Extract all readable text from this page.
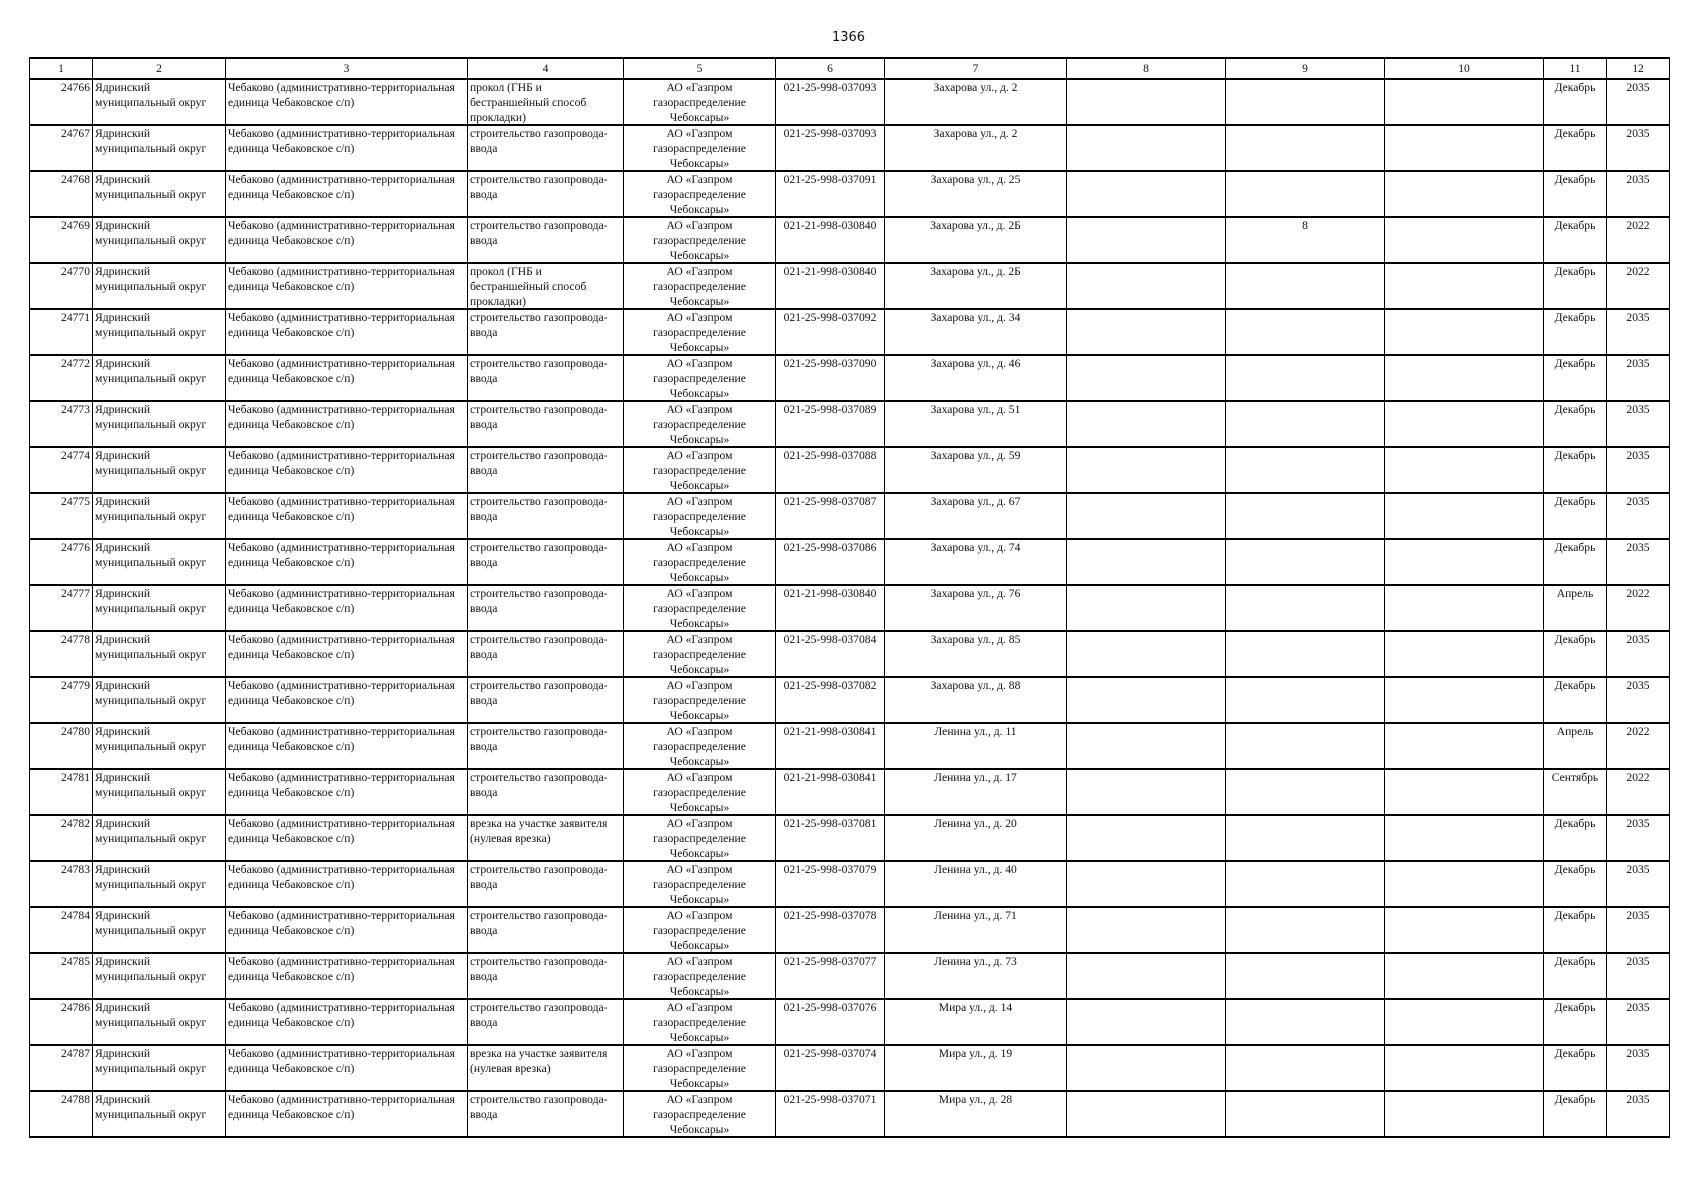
1366
1	2	3	4	5	6	7	8	9	10	11	12

24766	Ядринский муниципальный округ	Чебаково (административно-территориальная единица Чебаковское с/п)	прокол (ГНБ и бестраншейный способ прокладки)	АО «Газпром газораспределение Чебоксары»	021-25-998-037093	Захарова ул., д. 2				Декабрь	2035

24767	Ядринский муниципальный округ	Чебаково (административно-территориальная единица Чебаковское с/п)	строительство газопровода-ввода	АО «Газпром газораспределение Чебоксары»	021-25-998-037093	Захарова ул., д. 2				Декабрь	2035

24768	Ядринский муниципальный округ	Чебаково (административно-территориальная единица Чебаковское с/п)	строительство газопровода-ввода	АО «Газпром газораспределение Чебоксары»	021-25-998-037091	Захарова ул., д. 25				Декабрь	2035

24769	Ядринский муниципальный округ	Чебаково (административно-территориальная единица Чебаковское с/п)	строительство газопровода-ввода	АО «Газпром газораспределение Чебоксары»	021-21-998-030840	Захарова ул., д. 2Б		8		Декабрь	2022

24770	Ядринский муниципальный округ	Чебаково (административно-территориальная единица Чебаковское с/п)	прокол (ГНБ и бестраншейный способ прокладки)	АО «Газпром газораспределение Чебоксары»	021-21-998-030840	Захарова ул., д. 2Б				Декабрь	2022

24771	Ядринский муниципальный округ	Чебаково (административно-территориальная единица Чебаковское с/п)	строительство газопровода-ввода	АО «Газпром газораспределение Чебоксары»	021-25-998-037092	Захарова ул., д. 34				Декабрь	2035

24772	Ядринский муниципальный округ	Чебаково (административно-территориальная единица Чебаковское с/п)	строительство газопровода-ввода	АО «Газпром газораспределение Чебоксары»	021-25-998-037090	Захарова ул., д. 46				Декабрь	2035

24773	Ядринский муниципальный округ	Чебаково (административно-территориальная единица Чебаковское с/п)	строительство газопровода-ввода	АО «Газпром газораспределение Чебоксары»	021-25-998-037089	Захарова ул., д. 51				Декабрь	2035

24774	Ядринский муниципальный округ	Чебаково (административно-территориальная единица Чебаковское с/п)	строительство газопровода-ввода	АО «Газпром газораспределение Чебоксары»	021-25-998-037088	Захарова ул., д. 59				Декабрь	2035

24775	Ядринский муниципальный округ	Чебаково (административно-территориальная единица Чебаковское с/п)	строительство газопровода-ввода	АО «Газпром газораспределение Чебоксары»	021-25-998-037087	Захарова ул., д. 67				Декабрь	2035

24776	Ядринский муниципальный округ	Чебаково (административно-территориальная единица Чебаковское с/п)	строительство газопровода-ввода	АО «Газпром газораспределение Чебоксары»	021-25-998-037086	Захарова ул., д. 74				Декабрь	2035

24777	Ядринский муниципальный округ	Чебаково (административно-территориальная единица Чебаковское с/п)	строительство газопровода-ввода	АО «Газпром газораспределение Чебоксары»	021-21-998-030840	Захарова ул., д. 76				Апрель	2022

24778	Ядринский муниципальный округ	Чебаково (административно-территориальная единица Чебаковское с/п)	строительство газопровода-ввода	АО «Газпром газораспределение Чебоксары»	021-25-998-037084	Захарова ул., д. 85				Декабрь	2035

24779	Ядринский муниципальный округ	Чебаково (административно-территориальная единица Чебаковское с/п)	строительство газопровода-ввода	АО «Газпром газораспределение Чебоксары»	021-25-998-037082	Захарова ул., д. 88				Декабрь	2035

24780	Ядринский муниципальный округ	Чебаково (административно-территориальная единица Чебаковское с/п)	строительство газопровода-ввода	АО «Газпром газораспределение Чебоксары»	021-21-998-030841	Ленина ул., д. 11				Апрель	2022

24781	Ядринский муниципальный округ	Чебаково (административно-территориальная единица Чебаковское с/п)	строительство газопровода-ввода	АО «Газпром газораспределение Чебоксары»	021-21-998-030841	Ленина ул., д. 17				Сентябрь	2022

24782	Ядринский муниципальный округ	Чебаково (административно-территориальная единица Чебаковское с/п)	врезка на участке заявителя (нулевая врезка)	АО «Газпром газораспределение Чебоксары»	021-25-998-037081	Ленина ул., д. 20				Декабрь	2035

24783	Ядринский муниципальный округ	Чебаково (административно-территориальная единица Чебаковское с/п)	строительство газопровода-ввода	АО «Газпром газораспределение Чебоксары»	021-25-998-037079	Ленина ул., д. 40				Декабрь	2035

24784	Ядринский муниципальный округ	Чебаково (административно-территориальная единица Чебаковское с/п)	строительство газопровода-ввода	АО «Газпром газораспределение Чебоксары»	021-25-998-037078	Ленина ул., д. 71				Декабрь	2035

24785	Ядринский муниципальный округ	Чебаково (административно-территориальная единица Чебаковское с/п)	строительство газопровода-ввода	АО «Газпром газораспределение Чебоксары»	021-25-998-037077	Ленина ул., д. 73				Декабрь	2035

24786	Ядринский муниципальный округ	Чебаково (административно-территориальная единица Чебаковское с/п)	строительство газопровода-ввода	АО «Газпром газораспределение Чебоксары»	021-25-998-037076	Мира ул., д. 14				Декабрь	2035

24787	Ядринский муниципальный округ	Чебаково (административно-территориальная единица Чебаковское с/п)	врезка на участке заявителя (нулевая врезка)	АО «Газпром газораспределение Чебоксары»	021-25-998-037074	Мира ул., д. 19				Декабрь	2035

24788	Ядринский муниципальный округ	Чебаково (административно-территориальная единица Чебаковское с/п)	строительство газопровода-ввода	АО «Газпром газораспределение Чебоксары»	021-25-998-037071	Мира ул., д. 28				Декабрь	2035
